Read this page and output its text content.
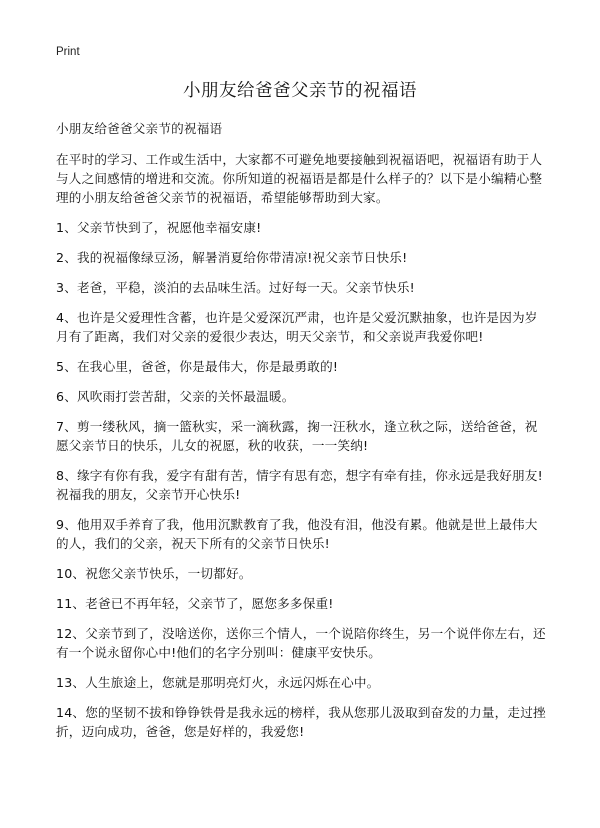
Print
小朋友给爸爸父亲节的祝福语

小朋友给爸爸父亲节的祝福语

在平时的学习、工作或生活中，大家都不可避免地要接触到祝福语吧，祝福语有助于人与人之间感情的增进和交流。你所知道的祝福语是都是什么样子的？以下是小编精心整理的小朋友给爸爸父亲节的祝福语，希望能够帮助到大家。

1、父亲节快到了，祝愿他幸福安康!

2、我的祝福像绿豆汤，解暑消夏给你带清凉!祝父亲节日快乐!

3、老爸，平稳，淡泊的去品味生活。过好每一天。父亲节快乐!

4、也许是父爱理性含蓄，也许是父爱深沉严肃，也许是父爱沉默抽象，也许是因为岁月有了距离，我们对父亲的爱很少表达，明天父亲节，和父亲说声我爱你吧!

5、在我心里，爸爸，你是最伟大，你是最勇敢的!

6、风吹雨打尝苦甜，父亲的关怀最温暖。

7、剪一缕秋风，摘一篮秋实，采一滴秋露，掬一汪秋水，逢立秋之际，送给爸爸，祝愿父亲节日的快乐，儿女的祝愿，秋的收获，一一笑纳!

8、缘字有你有我，爱字有甜有苦，情字有思有恋，想字有牵有挂，你永远是我好朋友!祝福我的朋友，父亲节开心快乐!

9、他用双手养育了我，他用沉默教育了我，他没有泪，他没有累。他就是世上最伟大的人，我们的父亲，祝天下所有的父亲节日快乐!

10、祝您父亲节快乐，一切都好。

11、老爸已不再年轻，父亲节了，愿您多多保重!

12、父亲节到了，没啥送你，送你三个情人，一个说陪你终生，另一个说伴你左右，还有一个说永留你心中!他们的名字分别叫：健康平安快乐。

13、人生旅途上，您就是那明亮灯火，永远闪烁在心中。

14、您的坚韧不拔和铮铮铁骨是我永远的榜样，我从您那儿汲取到奋发的力量，走过挫折，迈向成功，爸爸，您是好样的，我爱您!
